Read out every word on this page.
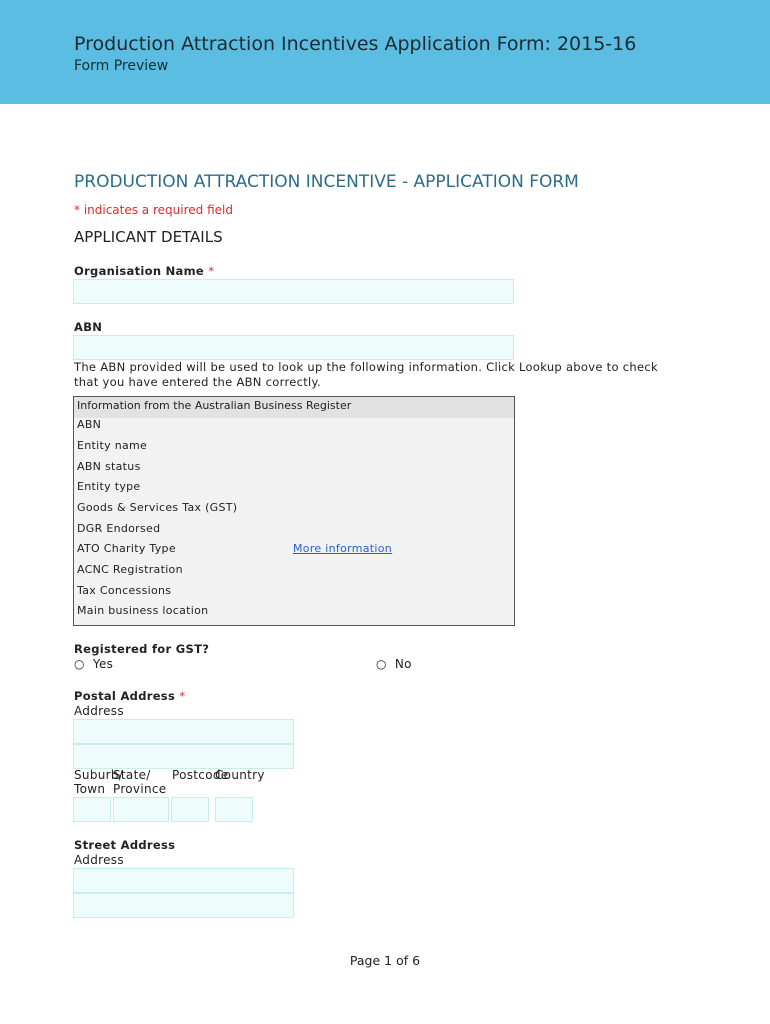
Production Attraction Incentives Application Form: 2015-16
Form Preview
PRODUCTION ATTRACTION INCENTIVE - APPLICATION FORM
* indicates a required field
APPLICANT DETAILS
Organisation Name *
ABN
The ABN provided will be used to look up the following information. Click Lookup above to check that you have entered the ABN correctly.
Information from the Australian Business Register
ABN
Entity name
ABN status
Entity type
Goods & Services Tax (GST)
DGR Endorsed
ATO Charity Type	More information
ACNC Registration
Tax Concessions
Main business location
Registered for GST?
○ Yes	○ No
Postal Address *
Address
Suburb/
Town
State/
Province
Postcode
Country
Street Address
Address
Page 1 of 6
